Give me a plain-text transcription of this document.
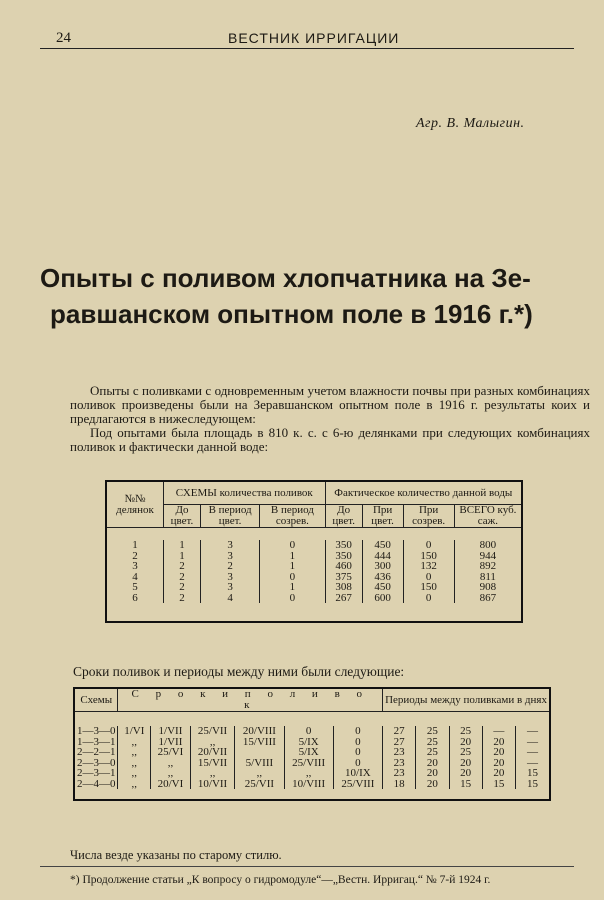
24	ВЕСТНИК ИРРИГАЦИИ
Агр. В. Малыгин.
Опыты с поливом хлопчатника на Зе-
равшанском опытном поле в 1916 г.*)
Опыты с поливками с одновременным учетом влажности почвы при разных комбинациях поливок произведены были на Зеравшанском опытном поле в 1916 г. результаты коих и предлагаются в нижеследующем:
Под опытами была площадь в 810 к. с. с 6-ю делянками при следующих комбинациях поливок и фактически данной воде:
№№ делянок	СХЕМЫ количества поливок			Фактическое количество данной воды			
	До цвет.	В период цвет.	В период созрев.	До цвет.	При цвет.	При созрев.	ВСЕГО куб. саж.

1	1	3	0	350	450	0	800
2	1	3	1	350	444	150	944
3	2	2	1	460	300	132	892
4	2	3	0	375	436	0	811
5	2	3	1	308	450	150	908
6	2	4	0	267	600	0	867

Сроки поливок и периоды между ними были следующие:
Схемы	С р о к и п о л и в о к						Периоды между поливками в днях				

1—3—0	1/VI	1/VII	25/VII	20/VIII	0	0	27	25	25	—	—
1—3—1	,,	1/VII	,,	15/VIII	5/IX	0	27	25	20	20	—
2—2—1	,,	25/VI	20/VII		5/IX	0	23	25	25	20	—
2—3—0	,,	,,	15/VII	5/VIII	25/VIII	0	23	20	20	20	—
2—3—1	,,	,,	,,	,,	,,	10/IX	23	20	20	20	15
2—4—0	,,	20/VI	10/VII	25/VII	10/VIII	25/VIII	18	20	15	15	15

Числа везде указаны по старому стилю.
*) Продолжение статьи „К вопросу о гидромодуле“—„Вестн. Ирригац.“ № 7-й 1924 г.
